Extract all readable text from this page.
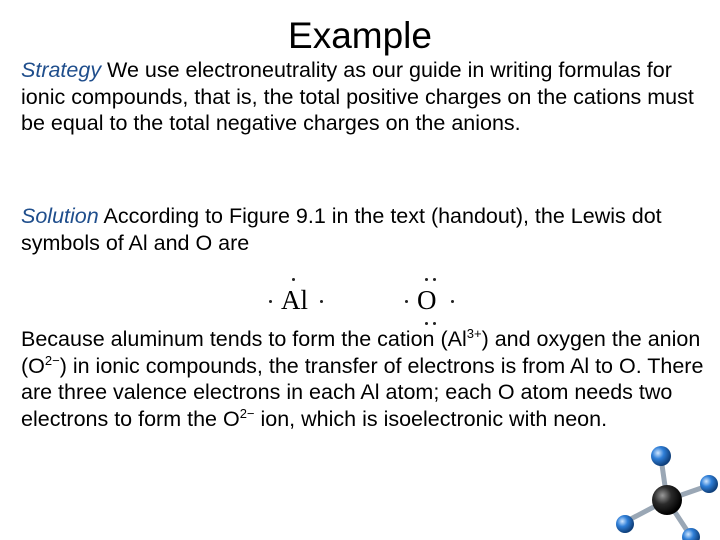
Example
Strategy We use electroneutrality as our guide in writing formulas for ionic compounds, that is, the total positive charges on the cations must be equal to the total negative charges on the anions.
Solution According to Figure 9.1 in the text (handout), the Lewis dot symbols of Al and O are
Al	O
Because aluminum tends to form the cation $(Al^{3+})$ and oxygen the anion $(O^{2-})$ in ionic compounds, the transfer of electrons is from Al to O. There are three valence electrons in each Al atom; each O atom needs two electrons to form the $O^{2-}$ ion, which is isoelectronic with neon.
